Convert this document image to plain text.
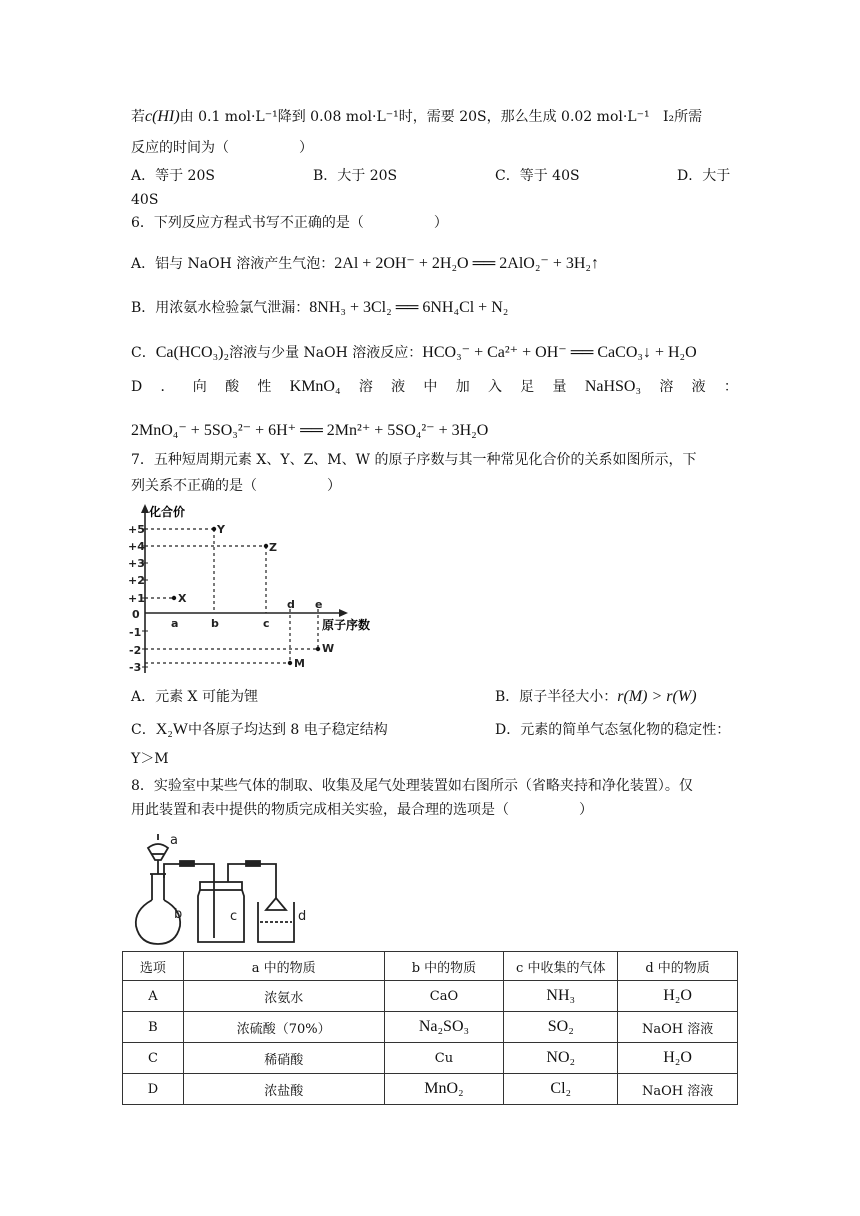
若c(HI)由 0.1 mol·L⁻¹降到 0.08 mol·L⁻¹时，需要 20S，那么生成 0.02 mol·L⁻¹ I₂所需
反应的时间为（　　　　　）
A．等于 20S	B．大于 20S	C．等于 40S	D．大于
40S
6．下列反应方程式书写不正确的是（　　　　　）
A．铝与 NaOH 溶液产生气泡：2Al + 2OH⁻ + 2H₂O ══ 2AlO₂⁻ + 3H₂↑
B．用浓氨水检验氯气泄漏：8NH₃ + 3Cl₂ ══ 6NH₄Cl + N₂
C．Ca(HCO₃)₂溶液与少量 NaOH 溶液反应：HCO₃⁻ + Ca²⁺ + OH⁻ ══ CaCO₃↓ + H₂O
D ． 向 酸 性 KMnO₄ 溶 液 中 加 入 足 量 NaHSO₃ 溶 液 ：
2MnO₄⁻ + 5SO₃²⁻ + 6H⁺ ══ 2Mn²⁺ + 5SO₄²⁻ + 3H₂O
7．五种短周期元素 X、Y、Z、M、W 的原子序数与其一种常见化合价的关系如图所示，下
列关系不正确的是（　　　　　）
化合价
+5
+4
+3
+2
+1
0
-1
-2
-3
X
Y
Z
M
W
a	b	c
d e
原子序数
A．元素 X 可能为锂	B．原子半径大小：r(M) > r(W)
C．X₂W中各原子均达到 8 电子稳定结构	D．元素的简单气态氢化物的稳定性：
Y＞M
8．实验室中某些气体的制取、收集及尾气处理装置如右图所示（省略夹持和净化装置）。仅
用此装置和表中提供的物质完成相关实验，最合理的选项是（　　　　　）
a
b	c	d
选项	a 中的物质	b 中的物质	c 中收集的气体	d 中的物质
A	浓氨水	CaO	NH₃	H₂O
B	浓硫酸（70%）	Na₂SO₃	SO₂	NaOH 溶液
C	稀硝酸	Cu	NO₂	H₂O
D	浓盐酸	MnO₂	Cl₂	NaOH 溶液
